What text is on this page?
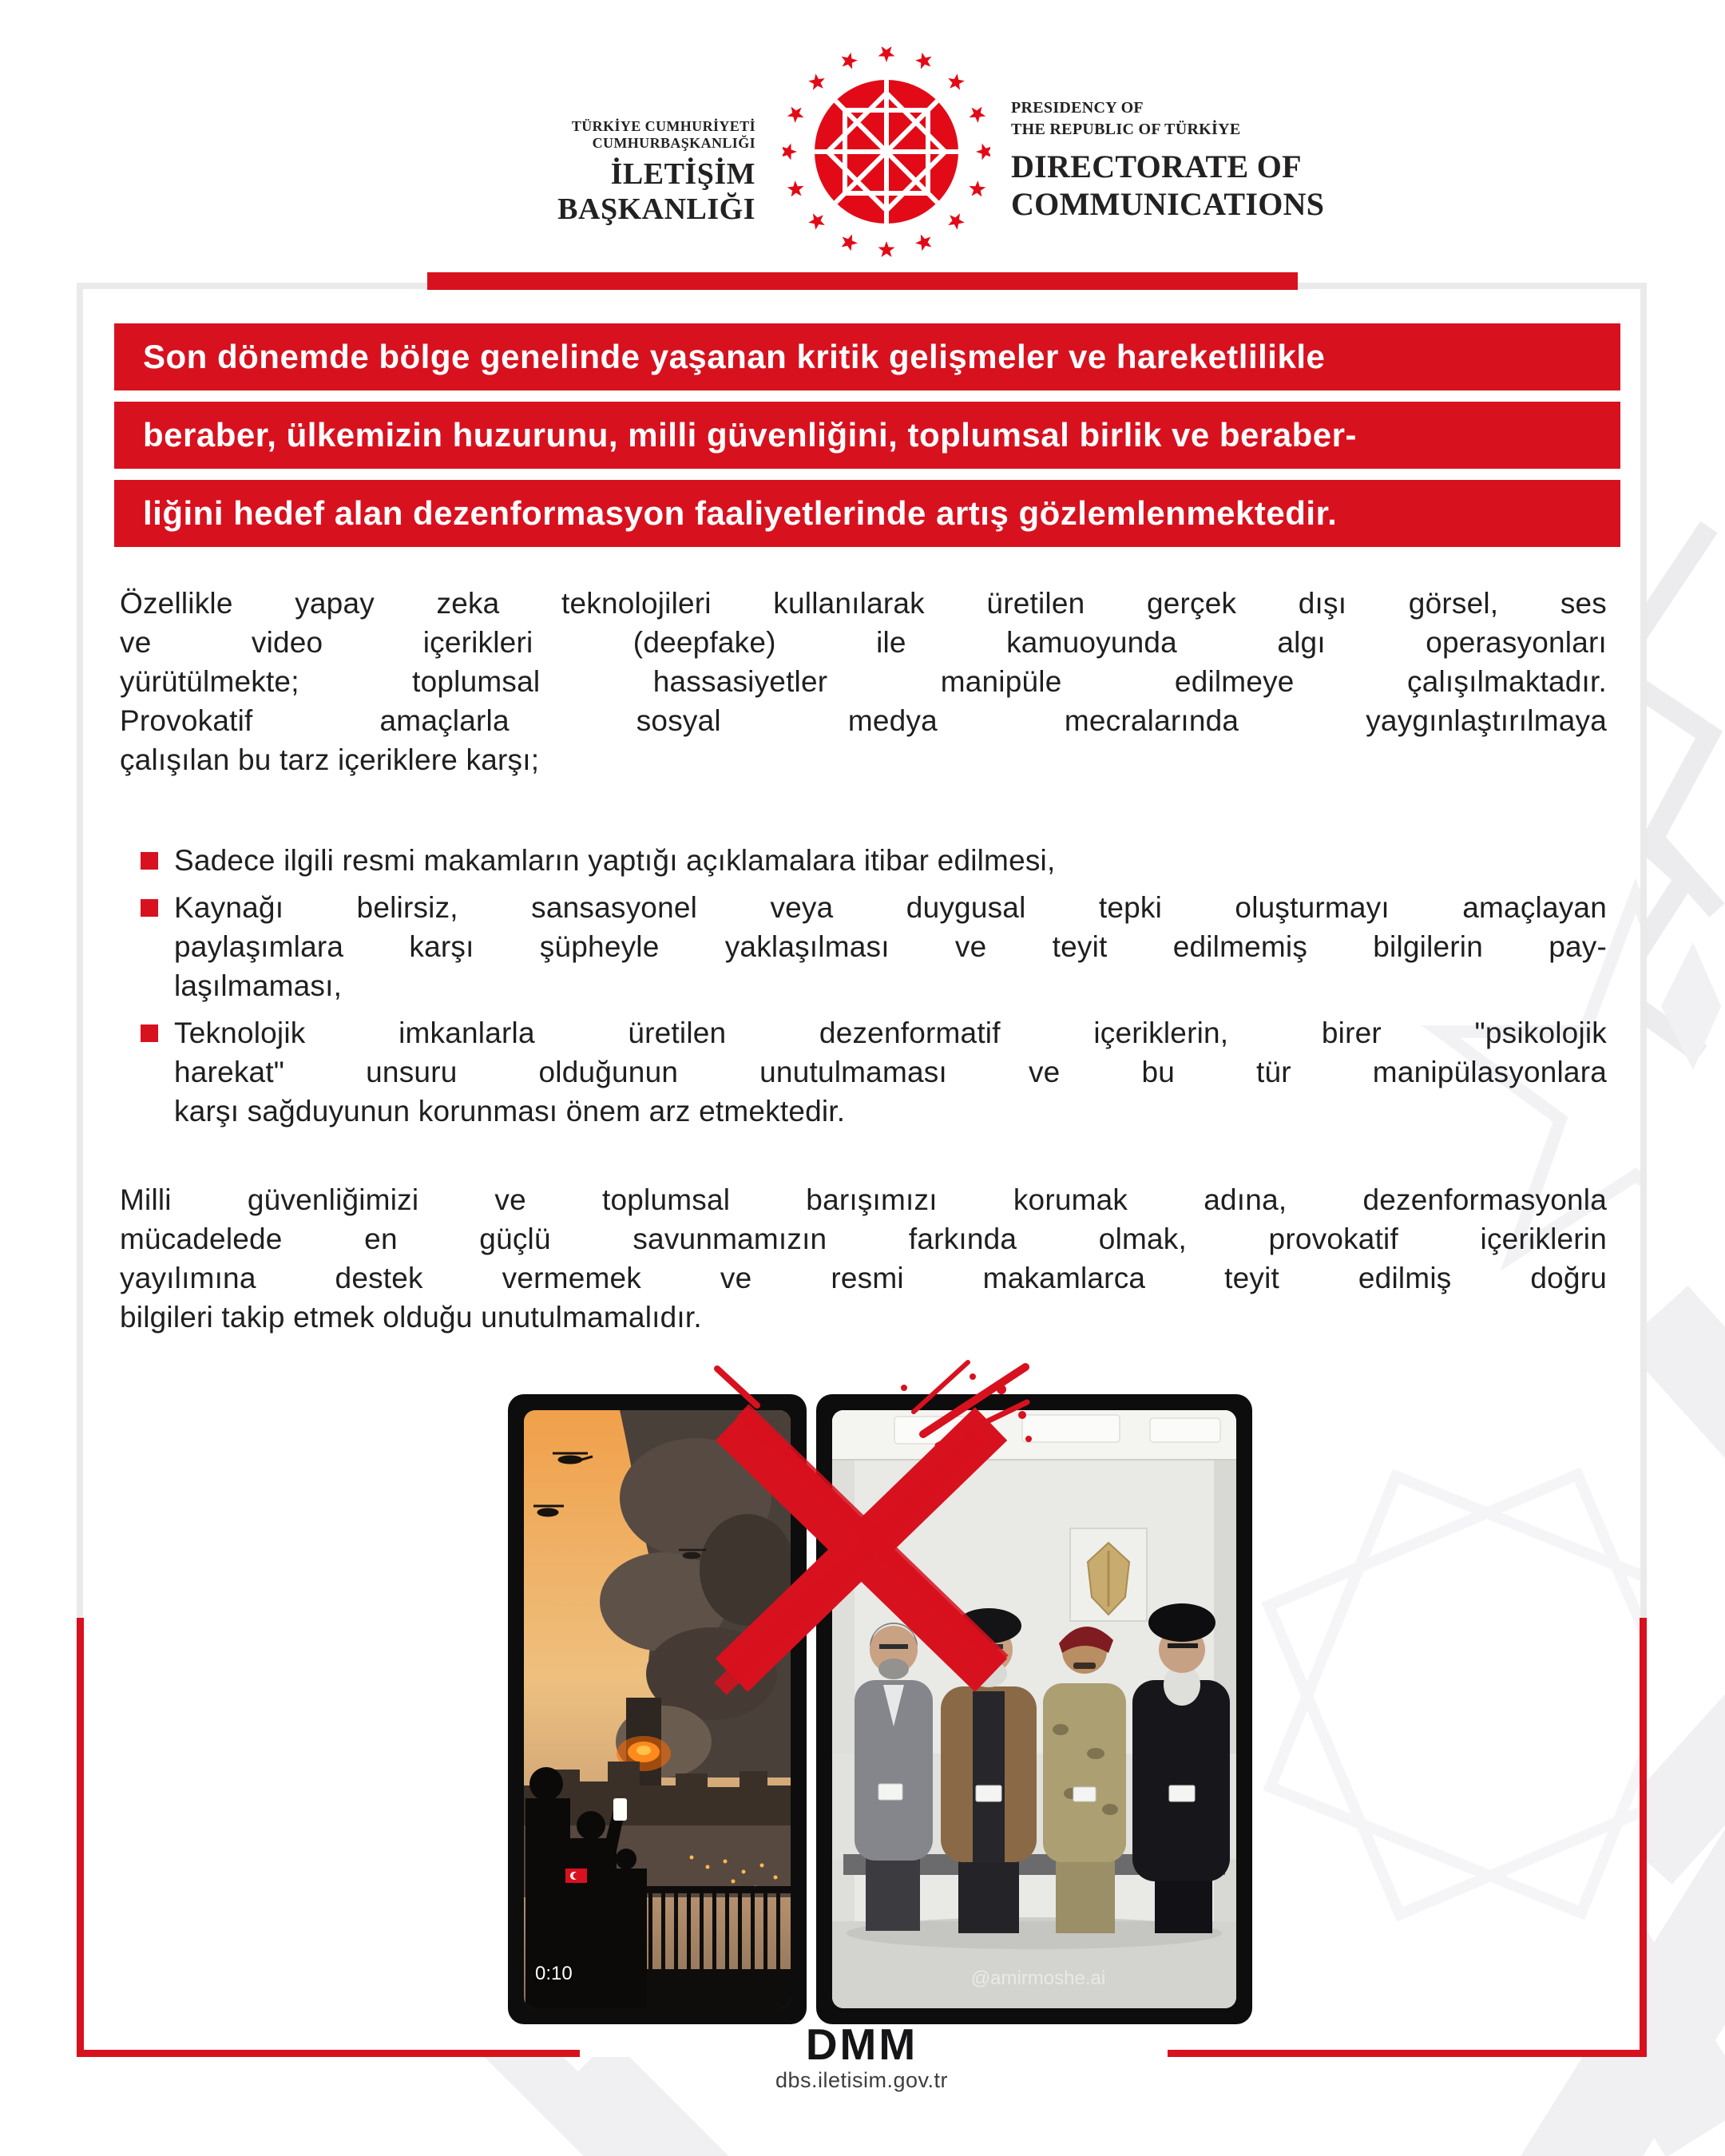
TÜRKİYE CUMHURİYETİ CUMHURBAŞKANLIĞI
İLETİŞİM BAŞKANLIĞI
PRESIDENCY OF
THE REPUBLIC OF TÜRKİYE
DIRECTORATE OF
COMMUNICATIONS
Son dönemde bölge genelinde yaşanan kritik gelişmeler ve hareketlilikle
beraber, ülkemizin huzurunu, milli güvenliğini, toplumsal birlik ve beraber-
liğini hedef alan dezenformasyon faaliyetlerinde artış gözlemlenmektedir.
Özellikle yapay zeka teknolojileri kullanılarak üretilen gerçek dışı görsel, ses
ve video içerikleri (deepfake) ile kamuoyunda algı operasyonları
yürütülmekte; toplumsal hassasiyetler manipüle edilmeye çalışılmaktadır.
Provokatif amaçlarla sosyal medya mecralarında yaygınlaştırılmaya
çalışılan bu tarz içeriklere karşı;
Sadece ilgili resmi makamların yaptığı açıklamalara itibar edilmesi,
Kaynağı belirsiz, sansasyonel veya duygusal tepki oluşturmayı amaçlayan
paylaşımlara karşı şüpheyle yaklaşılması ve teyit edilmemiş bilgilerin pay-
laşılmaması,
Teknolojik imkanlarla üretilen dezenformatif içeriklerin, birer "psikolojik
harekat" unsuru olduğunun unutulmaması ve bu tür manipülasyonlara
karşı sağduyunun korunması önem arz etmektedir.
Milli güvenliğimizi ve toplumsal barışımızı korumak adına, dezenformasyonla
mücadelede en güçlü savunmamızın farkında olmak, provokatif içeriklerin
yayılımına destek vermemek ve resmi makamlarca teyit edilmiş doğru
bilgileri takip etmek olduğu unutulmamalıdır.
0:10	@amirmoshe.ai
DMM
dbs.iletisim.gov.tr
